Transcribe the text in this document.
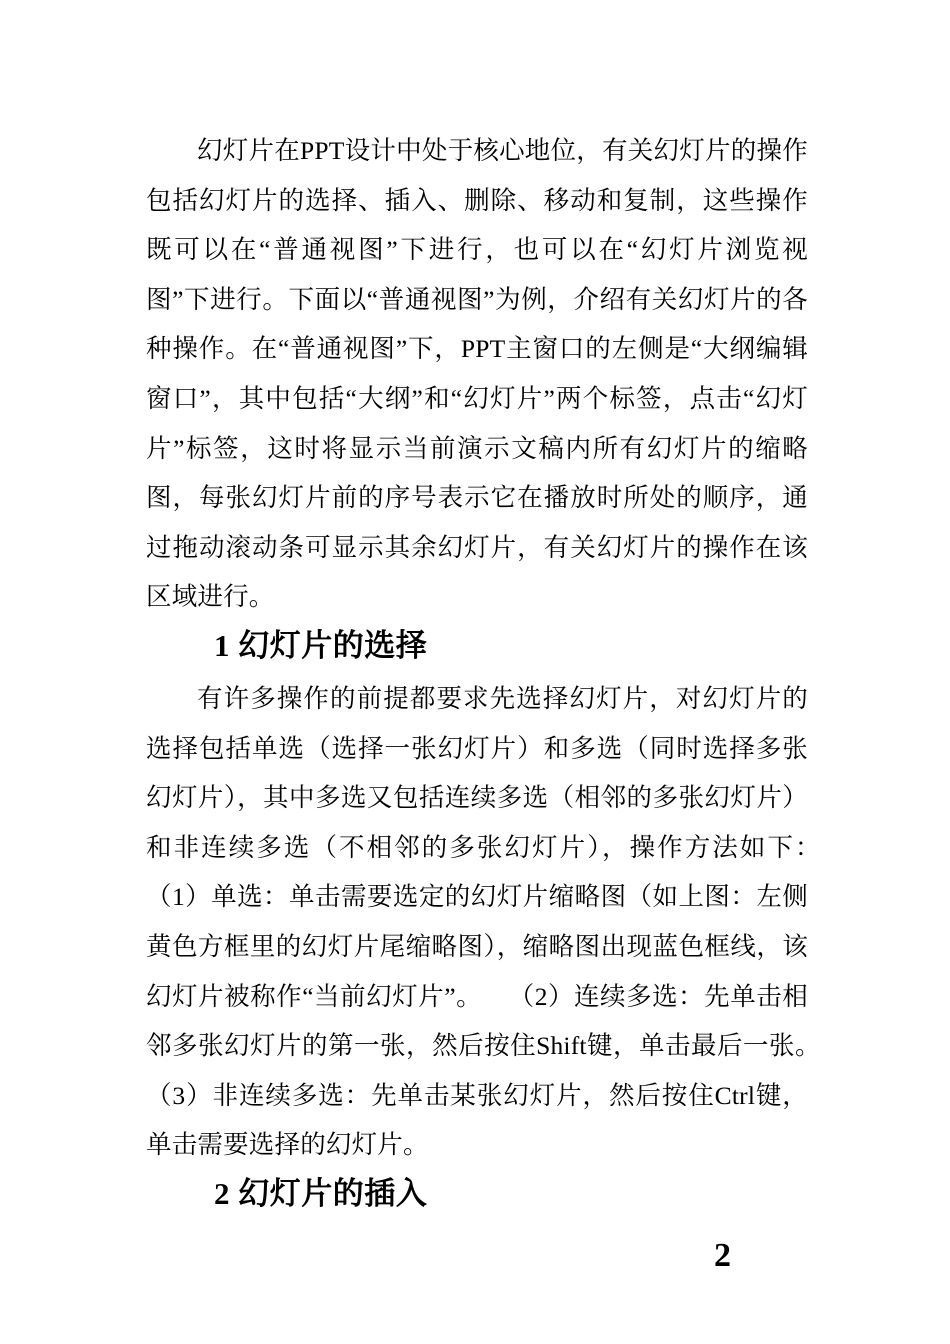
幻灯片在PPT设计中处于核心地位，有关幻灯片的操作包括幻灯片的选择、插入、删除、移动和复制，这些操作既可以在“普通视图”下进行，也可以在“幻灯片浏览视图”下进行。下面以“普通视图”为例，介绍有关幻灯片的各种操作。在“普通视图”下，PPT主窗口的左侧是“大纲编辑窗口”，其中包括“大纲”和“幻灯片”两个标签，点击“幻灯片”标签，这时将显示当前演示文稿内所有幻灯片的缩略图，每张幻灯片前的序号表示它在播放时所处的顺序，通过拖动滚动条可显示其余幻灯片，有关幻灯片的操作在该区域进行。

1 幻灯片的选择

有许多操作的前提都要求先选择幻灯片，对幻灯片的选择包括单选（选择一张幻灯片）和多选（同时选择多张幻灯片），其中多选又包括连续多选（相邻的多张幻灯片）和非连续多选（不相邻的多张幻灯片），操作方法如下：　　（1）单选：单击需要选定的幻灯片缩略图（如上图：左侧黄色方框里的幻灯片尾缩略图），缩略图出现蓝色框线，该幻灯片被称作“当前幻灯片”。　　（2）连续多选：先单击相邻多张幻灯片的第一张，然后按住Shift键，单击最后一张。　　（3）非连续多选：先单击某张幻灯片，然后按住Ctrl键，单击需要选择的幻灯片。

2 幻灯片的插入
2
